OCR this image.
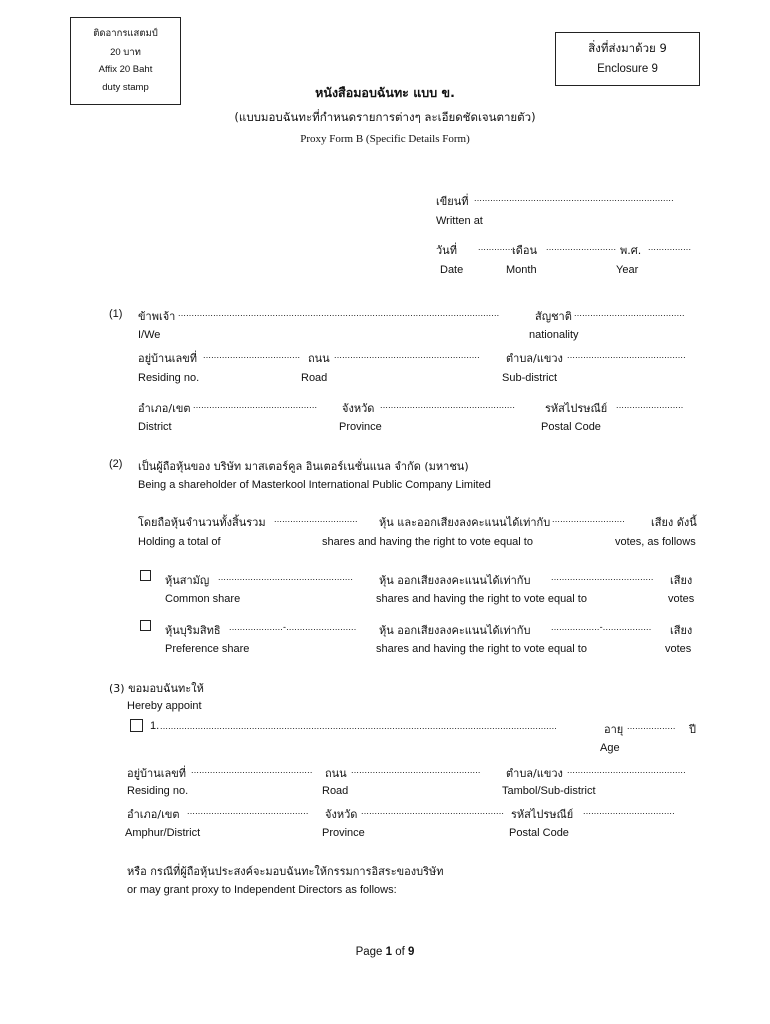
ติดอากรแสตมป์
20 บาท
Affix 20 Baht
duty stamp
สิ่งที่ส่งมาด้วย 9
Enclosure 9
หนังสือมอบฉันทะ แบบ ข.
(แบบมอบฉันทะที่กำหนดรายการต่างๆ ละเอียดชัดเจนตายตัว)
Proxy Form B (Specific Details Form)
เขียนที่ ..........................................................................
Written at
วันที่ ...............
เดือน .......................... พ.ศ. ................
Date	Month	Year
(1) ข้าพเจ้า .......................................................................................................................	สัญชาติ .........................................
I/We	nationality
อยู่บ้านเลขที่ .................................... ถนน ...................................................... ตำบล/แขวง ............................................
Residing no.	Road	Sub-district
อำเภอ/เขต .............................................. จังหวัด ..................................................	รหัสไปรษณีย์ .........................
District	Province	Postal Code
(2) เป็นผู้ถือหุ้นของ บริษัท มาสเตอร์คูล อินเตอร์เนชั่นแนล จำกัด (มหาชน)
Being a shareholder of Masterkool International Public Company Limited
โดยถือหุ้นจำนวนทั้งสิ้นรวม ............................... หุ้น และออกเสียงลงคะแนนได้เท่ากับ ........................... เสียง ดังนี้
Holding a total of	shares and having the right to vote equal to	votes, as follows
หุ้นสามัญ .................................................. หุ้น ออกเสียงลงคะแนนได้เท่ากับ ...................................... เสียง
Common share	shares and having the right to vote equal to	votes
หุ้นบุริมสิทธิ ....................-.......................... หุ้น ออกเสียงลงคะแนนได้เท่ากับ ..................-.................. เสียง
Preference share	shares and having the right to vote equal to	votes
(3) ขอมอบฉันทะให้
Hereby appoint
1. ...................................................................................................................................................	อายุ .................. ปี
Age
อยู่บ้านเลขที่ ............................................. ถนน ................................................ ตำบล/แขวง ............................................
Residing no.	Road	Tambol/Sub-district
อำเภอ/เขต ............................................. จังหวัด ..................................................... รหัสไปรษณีย์ ..................................
Amphur/District	Province	Postal Code
หรือ กรณีที่ผู้ถือหุ้นประสงค์จะมอบฉันทะให้กรรมการอิสระของบริษัท
or may grant proxy to Independent Directors as follows:
Page 1 of 9
